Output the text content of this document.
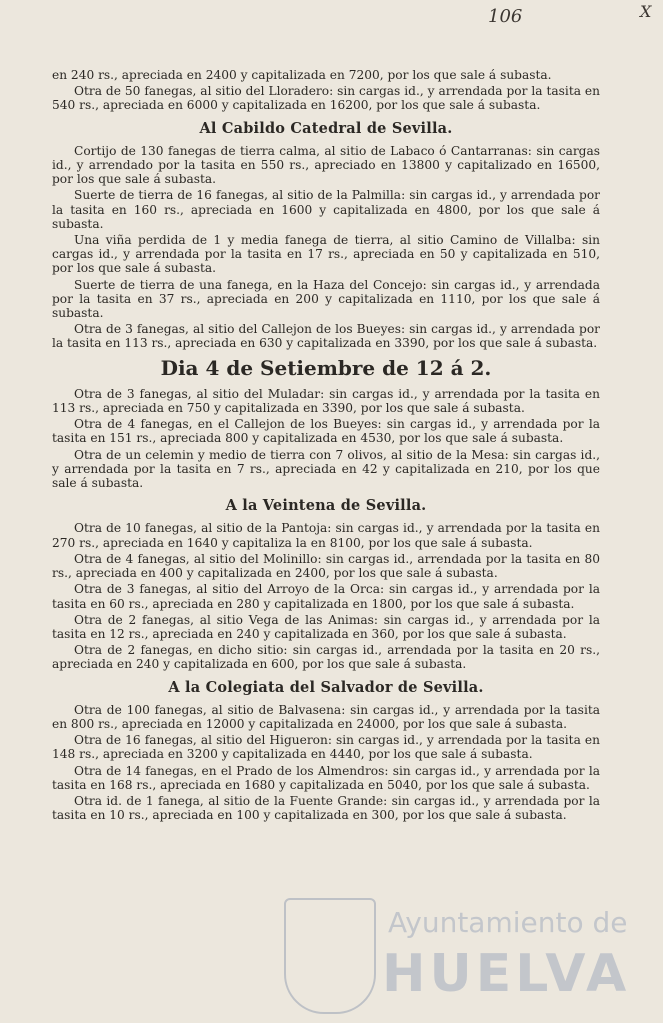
106	X
en 240 rs., apreciada en 2400 y capitalizada en 7200, por los que sale á subasta.
Otra de 50 fanegas, al sitio del Lloradero: sin cargas id., y arrendada por la tasita en 540 rs., apreciada en 6000 y capitalizada en 16200, por los que sale á subasta.
Al Cabildo Catedral de Sevilla.
Cortijo de 130 fanegas de tierra calma, al sitio de Labaco ó Cantarranas: sin cargas id., y arrendado por la tasita en 550 rs., apreciado en 13800 y capitalizado en 16500, por los que sale á subasta.
Suerte de tierra de 16 fanegas, al sitio de la Palmilla: sin cargas id., y arrendada por la tasita en 160 rs., apreciada en 1600 y capitalizada en 4800, por los que sale á subasta.
Una viña perdida de 1 y media fanega de tierra, al sitio Camino de Villalba: sin cargas id., y arrendada por la tasita en 17 rs., apreciada en 50 y capitalizada en 510, por los que sale á subasta.
Suerte de tierra de una fanega, en la Haza del Concejo: sin cargas id., y arrendada por la tasita en 37 rs., apreciada en 200 y capitalizada en 1110, por los que sale á subasta.
Otra de 3 fanegas, al sitio del Callejon de los Bueyes: sin cargas id., y arrendada por la tasita en 113 rs., apreciada en 630 y capitalizada en 3390, por los que sale á subasta.
Dia 4 de Setiembre de 12 á 2.
Otra de 3 fanegas, al sitio del Muladar: sin cargas id., y arrendada por la tasita en 113 rs., apreciada en 750 y capitalizada en 3390, por los que sale á subasta.
Otra de 4 fanegas, en el Callejon de los Bueyes: sin cargas id., y arrendada por la tasita en 151 rs., apreciada 800 y capitalizada en 4530, por los que sale á subasta.
Otra de un celemin y medio de tierra con 7 olivos, al sitio de la Mesa: sin cargas id., y arrendada por la tasita en 7 rs., apreciada en 42 y capitalizada en 210, por los que sale á subasta.
A la Veintena de Sevilla.
Otra de 10 fanegas, al sitio de la Pantoja: sin cargas id., y arrendada por la tasita en 270 rs., apreciada en 1640 y capitaliza la en 8100, por los que sale á subasta.
Otra de 4 fanegas, al sitio del Molinillo: sin cargas id., arrendada por la tasita en 80 rs., apreciada en 400 y capitalizada en 2400, por los que sale á subasta.
Otra de 3 fanegas, al sitio del Arroyo de la Orca: sin cargas id., y arrendada por la tasita en 60 rs., apreciada en 280 y capitalizada en 1800, por los que sale á subasta.
Otra de 2 fanegas, al sitio Vega de las Animas: sin cargas id., y arrendada por la tasita en 12 rs., apreciada en 240 y capitalizada en 360, por los que sale á subasta.
Otra de 2 fanegas, en dicho sitio: sin cargas id., arrendada por la tasita en 20 rs., apreciada en 240 y capitalizada en 600, por los que sale á subasta.
A la Colegiata del Salvador de Sevilla.
Otra de 100 fanegas, al sitio de Balvasena: sin cargas id., y arrendada por la tasita en 800 rs., apreciada en 12000 y capitalizada en 24000, por los que sale á subasta.
Otra de 16 fanegas, al sitio del Higueron: sin cargas id., y arrendada por la tasita en 148 rs., apreciada en 3200 y capitalizada en 4440, por los que sale á subasta.
Otra de 14 fanegas, en el Prado de los Almendros: sin cargas id., y arrendada por la tasita en 168 rs., apreciada en 1680 y capitalizada en 5040, por los que sale á subasta.
Otra id. de 1 fanega, al sitio de la Fuente Grande: sin cargas id., y arrendada por la tasita en 10 rs., apreciada en 100 y capitalizada en 300, por los que sale á subasta.
Ayuntamiento de
HUELVA
